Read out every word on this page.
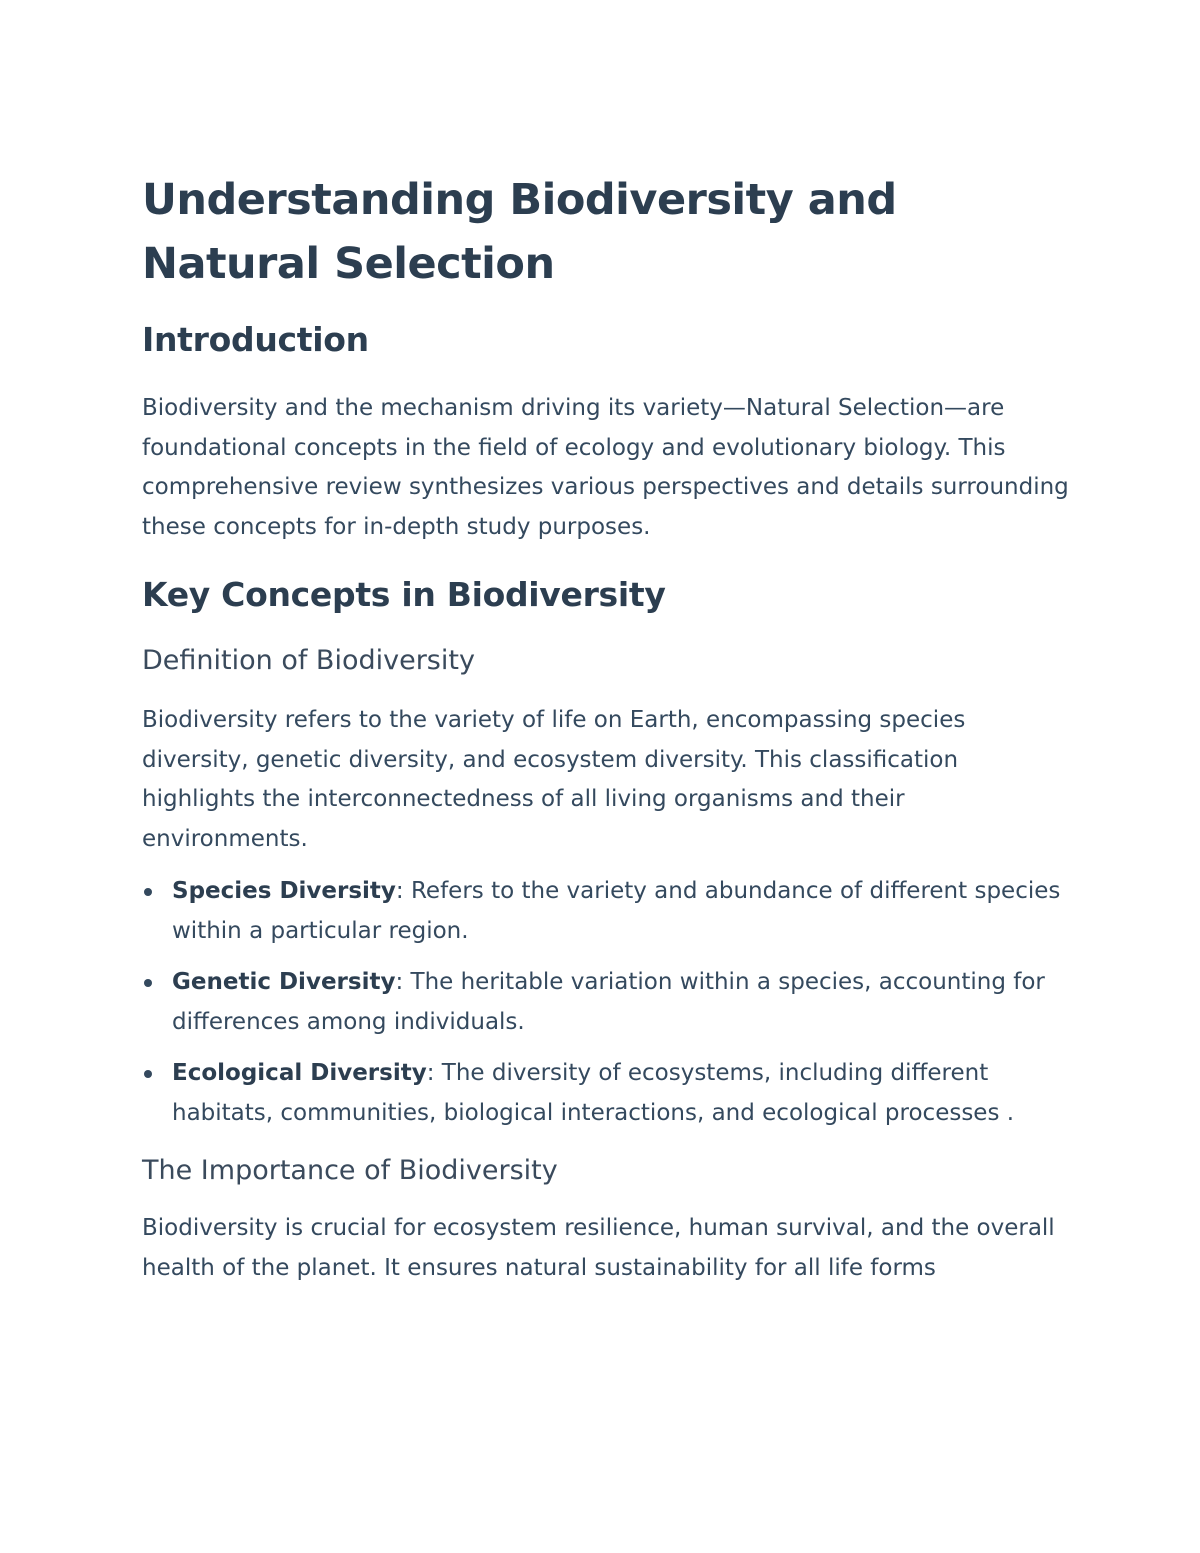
Understanding Biodiversity and Natural Selection
Introduction

Biodiversity and the mechanism driving its variety—Natural Selection—are foundational concepts in the field of ecology and evolutionary biology. This comprehensive review synthesizes various perspectives and details surrounding these concepts for in-depth study purposes.

Key Concepts in Biodiversity
Definition of Biodiversity

Biodiversity refers to the variety of life on Earth, encompassing species diversity, genetic diversity, and ecosystem diversity. This classification highlights the interconnectedness of all living organisms and their environments.

Species Diversity: Refers to the variety and abundance of different species within a particular region.
Genetic Diversity: The heritable variation within a species, accounting for differences among individuals.
Ecological Diversity: The diversity of ecosystems, including different habitats, communities, biological interactions, and ecological processes .
The Importance of Biodiversity

Biodiversity is crucial for ecosystem resilience, human survival, and the overall health of the planet. It ensures natural sustainability for all life forms
